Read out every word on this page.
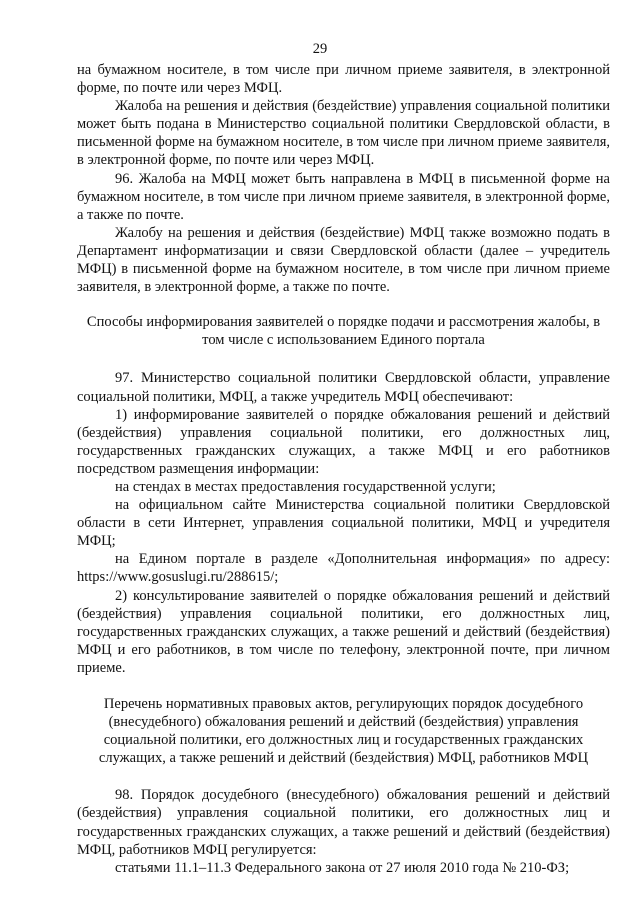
29

на бумажном носителе, в том числе при личном приеме заявителя, в электронной форме, по почте или через МФЦ.

Жалоба на решения и действия (бездействие) управления социальной политики может быть подана в Министерство социальной политики Свердловской области, в письменной форме на бумажном носителе, в том числе при личном приеме заявителя, в электронной форме, по почте или через МФЦ.

96. Жалоба на МФЦ может быть направлена в МФЦ в письменной форме на бумажном носителе, в том числе при личном приеме заявителя, в электронной форме, а также по почте.

Жалобу на решения и действия (бездействие) МФЦ также возможно подать в Департамент информатизации и связи Свердловской области (далее – учредитель МФЦ) в письменной форме на бумажном носителе, в том числе при личном приеме заявителя, в электронной форме, а также по почте.

Способы информирования заявителей о порядке подачи и рассмотрения жалобы, в том числе с использованием Единого портала

97. Министерство социальной политики Свердловской области, управление социальной политики, МФЦ, а также учредитель МФЦ обеспечивают:

1) информирование заявителей о порядке обжалования решений и действий (бездействия) управления социальной политики, его должностных лиц, государственных гражданских служащих, а также МФЦ и его работников посредством размещения информации:

на стендах в местах предоставления государственной услуги;

на официальном сайте Министерства социальной политики Свердловской области в сети Интернет, управления социальной политики, МФЦ и учредителя МФЦ;

на Едином портале в разделе «Дополнительная информация» по адресу: https://www.gosuslugi.ru/288615/;

2) консультирование заявителей о порядке обжалования решений и действий (бездействия) управления социальной политики, его должностных лиц, государственных гражданских служащих, а также решений и действий (бездействия) МФЦ и его работников, в том числе по телефону, электронной почте, при личном приеме.

Перечень нормативных правовых актов, регулирующих порядок досудебного (внесудебного) обжалования решений и действий (бездействия) управления социальной политики, его должностных лиц и государственных гражданских служащих, а также решений и действий (бездействия) МФЦ, работников МФЦ

98. Порядок досудебного (внесудебного) обжалования решений и действий (бездействия) управления социальной политики, его должностных лиц и государственных гражданских служащих, а также решений и действий (бездействия) МФЦ, работников МФЦ регулируется:

статьями 11.1–11.3 Федерального закона от 27 июля 2010 года № 210-ФЗ;
